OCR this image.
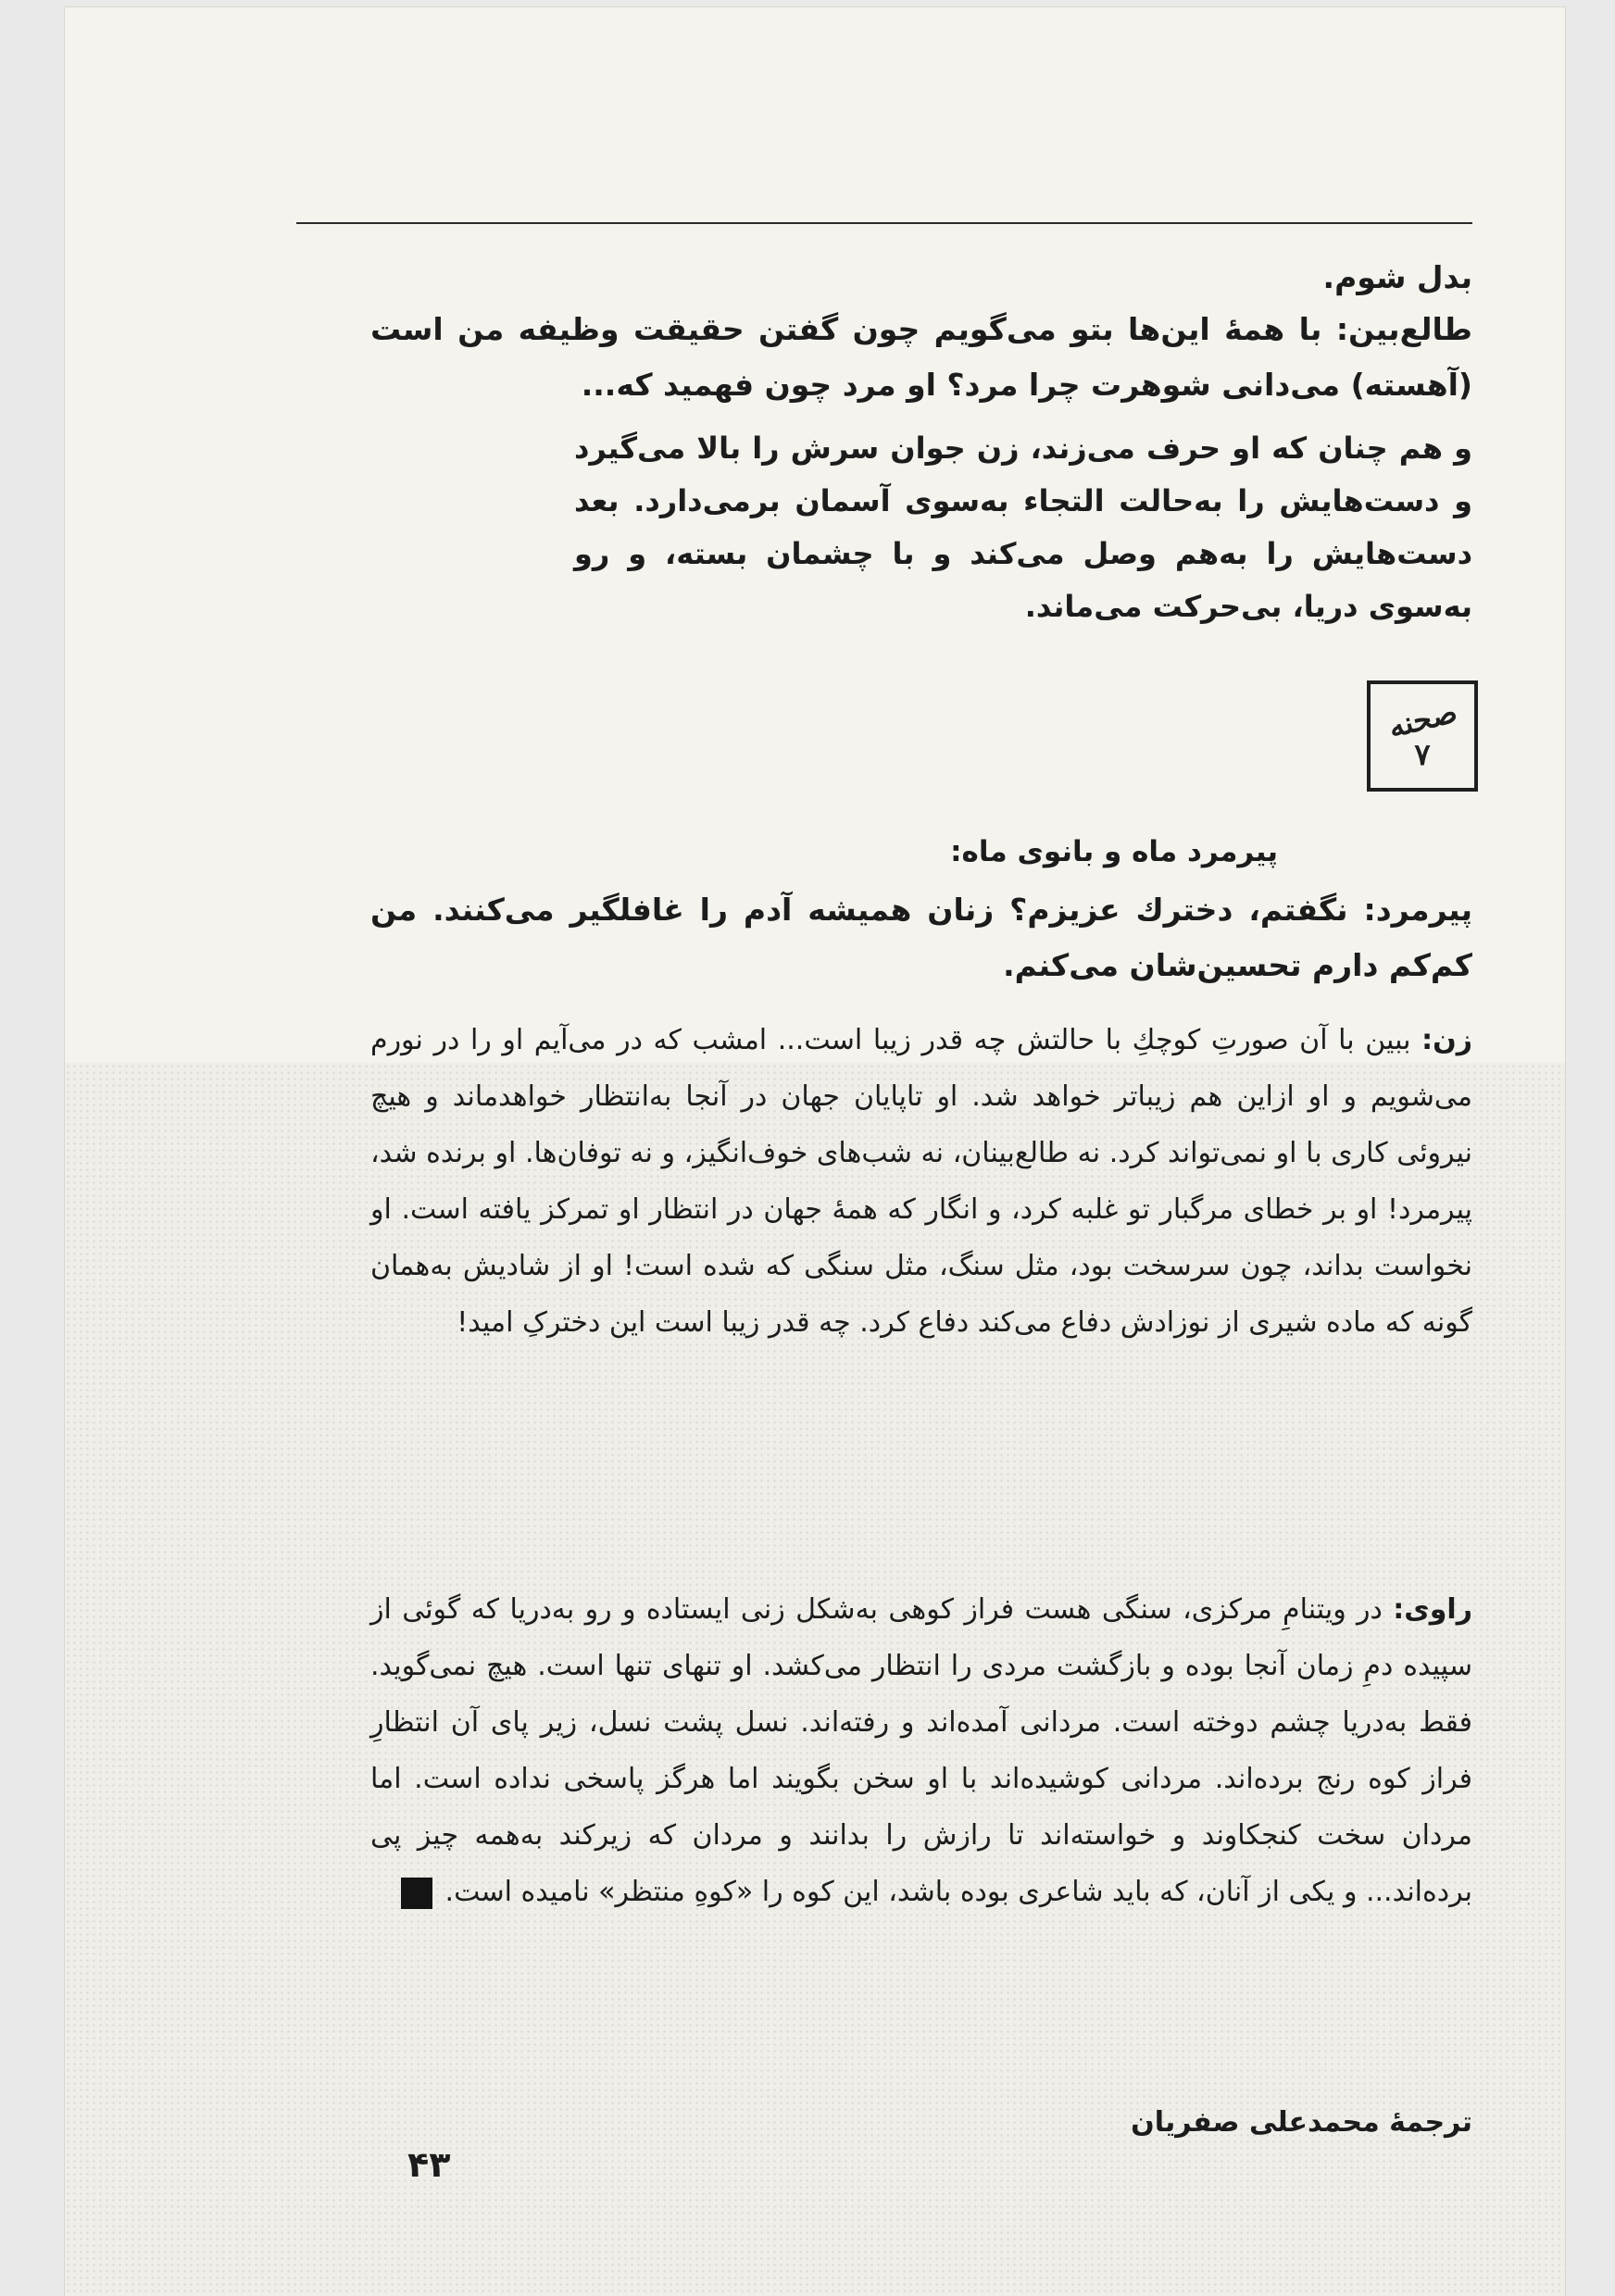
بدل شوم.

طالع‌بین: با همهٔ این‌ها بتو می‌گویم چون گفتن حقیقت وظیفه من است (آهسته) می‌دانی شوهرت چرا مرد؟ او مرد چون فهمید که...

و هم چنان که او حرف می‌زند، زن جوان سرش را بالا می‌گیرد و دست‌هایش را به‌حالت التجاء به‌سوی آسمان برمی‌دارد. بعد دست‌هایش را به‌هم وصل می‌کند و با چشمان بسته، و رو به‌سوی دریا، بی‌حرکت می‌ماند.

صحنه
۷

پیرمرد ماه و بانوی ماه:

پیرمرد: نگفتم، دخترك عزیزم؟ زنان همیشه آدم را غافلگیر می‌کنند. من کم‌کم دارم تحسین‌شان می‌کنم.

زن: ببین با آن صورتِ کوچكِ با حالتش چه قدر زیبا است... امشب که در می‌آیم او را در نورم می‌شویم و او ازاین هم زیباتر خواهد شد. او تاپایان جهان در آنجا به‌انتظار خواهدماند و هیچ نیروئی کاری با او نمی‌تواند کرد. نه طالع‌بینان، نه شب‌های خوف‌انگیز، و نه توفان‌ها. او برنده شد، پیرمرد! او بر خطای مرگبار تو غلبه کرد، و انگار که همهٔ جهان در انتظار او تمرکز یافته است. او نخواست بداند، چون سرسخت بود، مثل سنگ، مثل سنگی که شده است! او از شادیش به‌همان گونه که ماده شیری از نوزادش دفاع می‌کند دفاع کرد. چه قدر زیبا است این دخترکِ امید!

راوی: در ویتنامِ مرکزی، سنگی هست فراز کوهی به‌شکل زنی ایستاده و رو به‌دریا که گوئی از سپیده دمِ زمان آنجا بوده و بازگشت مردی را انتظار می‌کشد. او تنهای تنها است. هیچ نمی‌گوید. فقط به‌دریا چشم دوخته است. مردانی آمده‌اند و رفته‌اند. نسل پشت نسل، زیر پای آن انتظارِ فراز کوه رنج برده‌اند. مردانی کوشیده‌اند با او سخن بگویند اما هرگز پاسخی نداده است. اما مردان سخت کنجکاوند و خواسته‌اند تا رازش را بدانند و مردان که زیرکند به‌همه چیز پی برده‌اند... و یکی از آنان، که باید شاعری بوده باشد، این کوه را «کوهِ منتظر» نامیده است.

ترجمهٔ محمدعلی صفریان

۴۳
